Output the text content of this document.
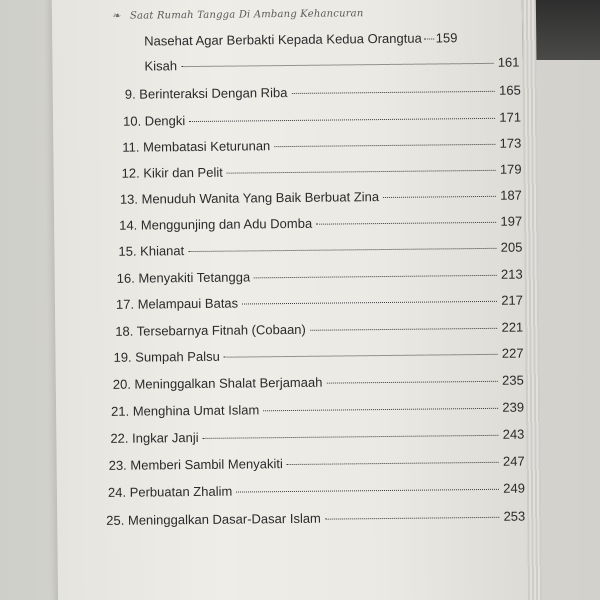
❧ Saat Rumah Tangga Di Ambang Kehancuran
Nasehat Agar Berbakti Kepada Kedua Orangtua 159
Kisah	161
9. Berinteraksi Dengan Riba	165
10. Dengki	171
11. Membatasi Keturunan	173
12. Kikir dan Pelit	179
13. Menuduh Wanita Yang Baik Berbuat Zina	187
14. Menggunjing dan Adu Domba	197
15. Khianat	205
16. Menyakiti Tetangga	213
17. Melampaui Batas	217
18. Tersebarnya Fitnah (Cobaan)	221
19. Sumpah Palsu	227
20. Meninggalkan Shalat Berjamaah	235
21. Menghina Umat Islam	239
22. Ingkar Janji	243
23. Memberi Sambil Menyakiti	247
24. Perbuatan Zhalim	249
25. Meninggalkan Dasar-Dasar Islam	253
